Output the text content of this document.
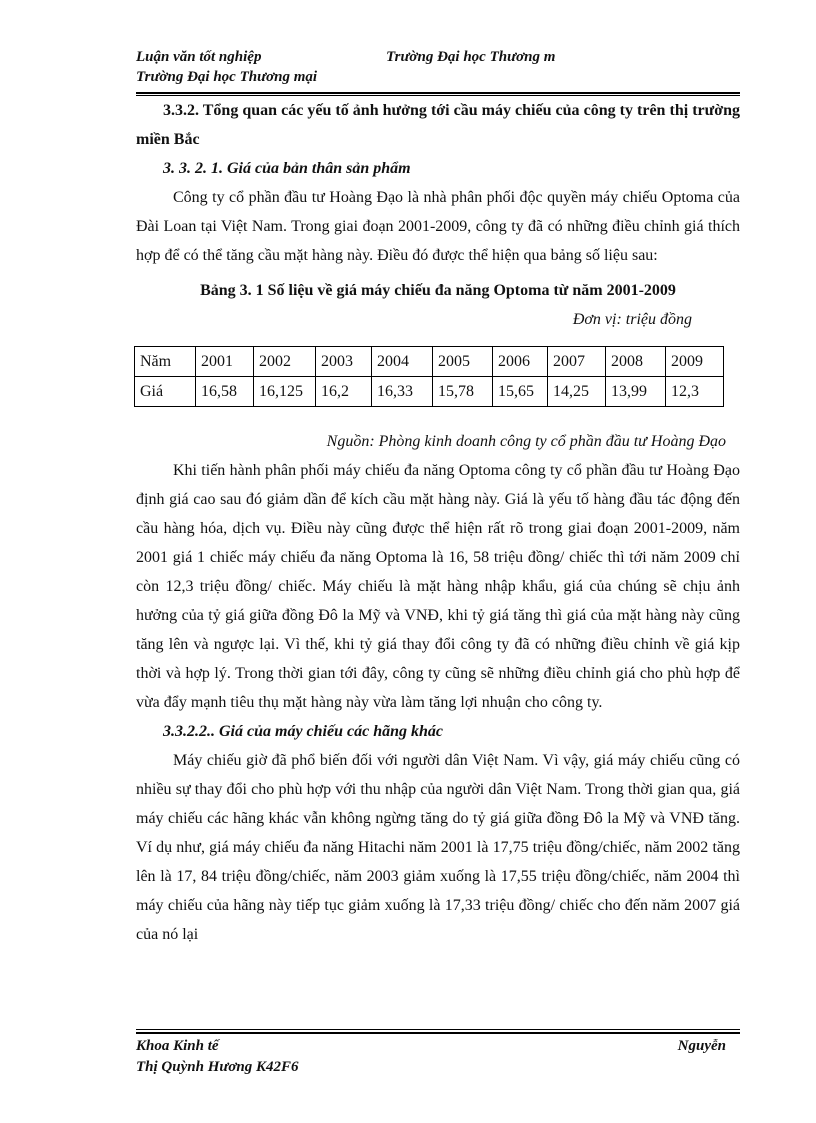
Luận văn tốt nghiệp	Trường Đại học Thương m
Trường Đại học Thương mại

3.3.2. Tổng quan các yếu tố ảnh hưởng tới cầu máy chiếu của công ty trên thị trường miền Bắc

3. 3. 2. 1. Giá của bản thân sản phẩm

Công ty cổ phần đầu tư Hoàng Đạo là nhà phân phối độc quyền máy chiếu Optoma của Đài Loan tại Việt Nam. Trong giai đoạn 2001-2009, công ty đã có những điều chỉnh giá thích hợp để có thể tăng cầu mặt hàng này. Điều đó được thể hiện qua bảng số liệu sau:

Bảng 3. 1 Số liệu về giá máy chiếu đa năng Optoma từ năm 2001-2009

Đơn vị: triệu đồng

Năm	2001	2002	2003	2004	2005	2006	2007	2008	2009
Giá	16,58	16,125	16,2	16,33	15,78	15,65	14,25	13,99	12,3

Nguồn: Phòng kinh doanh công ty cổ phần đầu tư Hoàng Đạo

Khi tiến hành phân phối máy chiếu đa năng Optoma công ty cổ phần đầu tư Hoàng Đạo định giá cao sau đó giảm dần để kích cầu mặt hàng này. Giá là yếu tố hàng đầu tác động đến cầu hàng hóa, dịch vụ. Điều này cũng được thể hiện rất rõ trong giai đoạn 2001-2009, năm 2001 giá 1 chiếc máy chiếu đa năng Optoma là 16, 58 triệu đồng/ chiếc thì tới năm 2009 chỉ còn 12,3 triệu đồng/ chiếc. Máy chiếu là mặt hàng nhập khẩu, giá của chúng sẽ chịu ảnh hưởng của tỷ giá giữa đồng Đô la Mỹ và VNĐ, khi tỷ giá tăng thì giá của mặt hàng này cũng tăng lên và ngược lại. Vì thế, khi tỷ giá thay đổi công ty đã có những điều chỉnh về giá kịp thời và hợp lý. Trong thời gian tới đây, công ty cũng sẽ những điều chỉnh giá cho phù hợp để vừa đẩy mạnh tiêu thụ mặt hàng này vừa làm tăng lợi nhuận cho công ty.

3.3.2.2.. Giá của máy chiếu các hãng khác

Máy chiếu giờ đã phổ biến đối với người dân Việt Nam. Vì vậy, giá máy chiếu cũng có nhiều sự thay đổi cho phù hợp với thu nhập của người dân Việt Nam. Trong thời gian qua, giá máy chiếu các hãng khác vẫn không ngừng tăng do tỷ giá giữa đồng Đô la Mỹ và VNĐ tăng. Ví dụ như, giá máy chiếu đa năng Hitachi năm 2001 là 17,75 triệu đồng/chiếc, năm 2002 tăng lên là 17, 84 triệu đồng/chiếc, năm 2003 giảm xuống là 17,55 triệu đồng/chiếc, năm 2004 thì máy chiếu của hãng này tiếp tục giảm xuống là 17,33 triệu đồng/ chiếc cho đến năm 2007 giá của nó lại

Khoa Kinh tế	Nguyễn
Thị Quỳnh Hương K42F6
